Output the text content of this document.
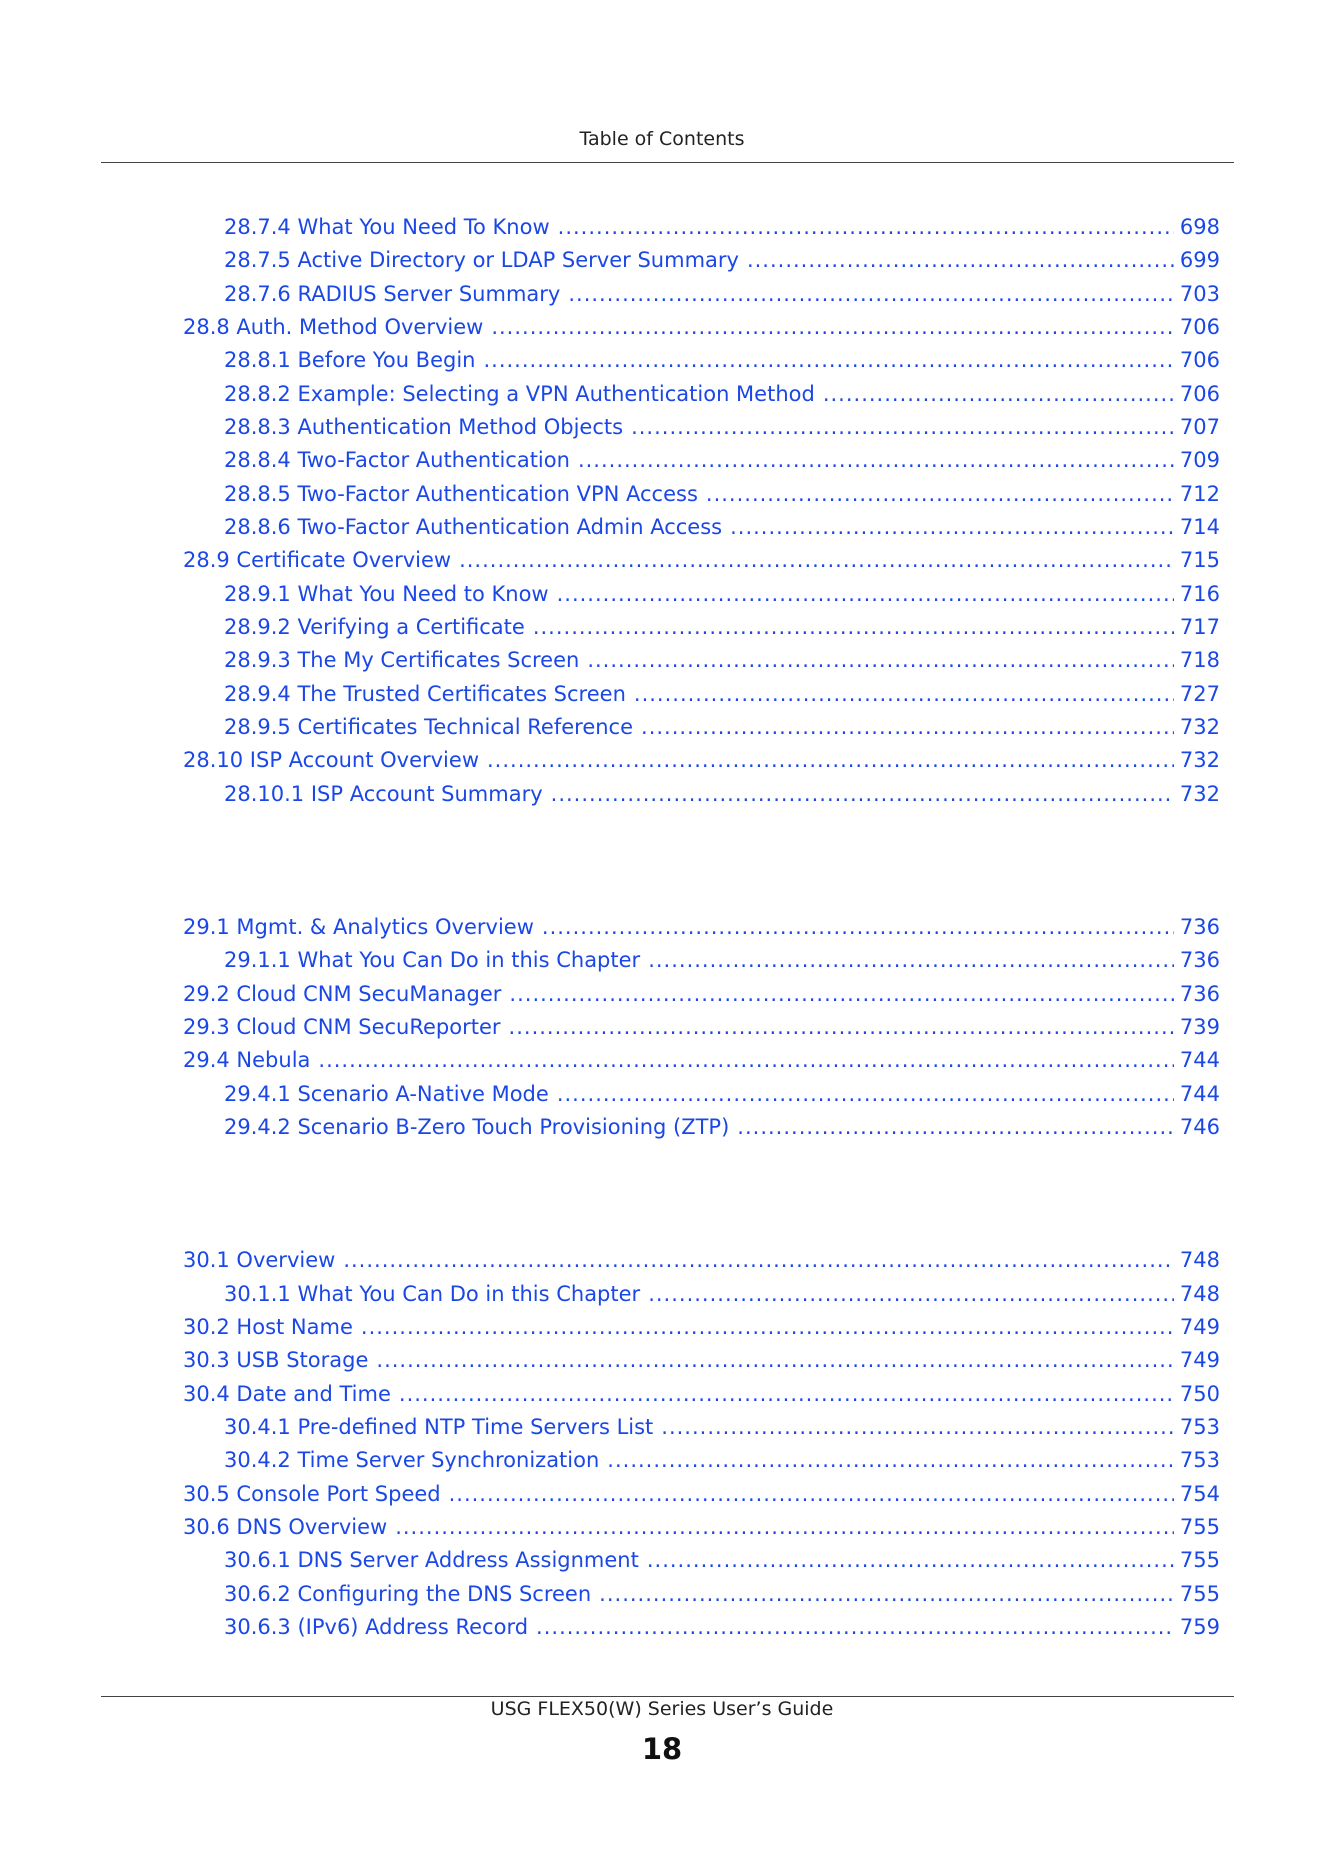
Table of Contents
28.7.4 What You Need To Know .....	698
28.7.5 Active Directory or LDAP Server Summary .....	699
28.7.6 RADIUS Server Summary .....	703
28.8 Auth. Method Overview .....	706
28.8.1 Before You Begin .....	706
28.8.2 Example: Selecting a VPN Authentication Method .....	706
28.8.3 Authentication Method Objects .....	707
28.8.4 Two-Factor Authentication .....	709
28.8.5 Two-Factor Authentication VPN Access .....	712
28.8.6 Two-Factor Authentication Admin Access .....	714
28.9 Certificate Overview .....	715
28.9.1 What You Need to Know .....	716
28.9.2 Verifying a Certificate .....	717
28.9.3 The My Certificates Screen .....	718
28.9.4 The Trusted Certificates Screen .....	727
28.9.5 Certificates Technical Reference .....	732
28.10 ISP Account Overview .....	732
28.10.1 ISP Account Summary .....	732
29.1 Mgmt. & Analytics Overview .....	736
29.1.1 What You Can Do in this Chapter .....	736
29.2 Cloud CNM SecuManager .....	736
29.3 Cloud CNM SecuReporter .....	739
29.4 Nebula .....	744
29.4.1 Scenario A-Native Mode .....	744
29.4.2 Scenario B-Zero Touch Provisioning (ZTP) .....	746
30.1 Overview .....	748
30.1.1 What You Can Do in this Chapter .....	748
30.2 Host Name .....	749
30.3 USB Storage .....	749
30.4 Date and Time .....	750
30.4.1 Pre-defined NTP Time Servers List .....	753
30.4.2 Time Server Synchronization .....	753
30.5 Console Port Speed .....	754
30.6 DNS Overview .....	755
30.6.1 DNS Server Address Assignment .....	755
30.6.2 Configuring the DNS Screen .....	755
30.6.3 (IPv6) Address Record .....	759
USG FLEX50(W) Series User’s Guide
18
